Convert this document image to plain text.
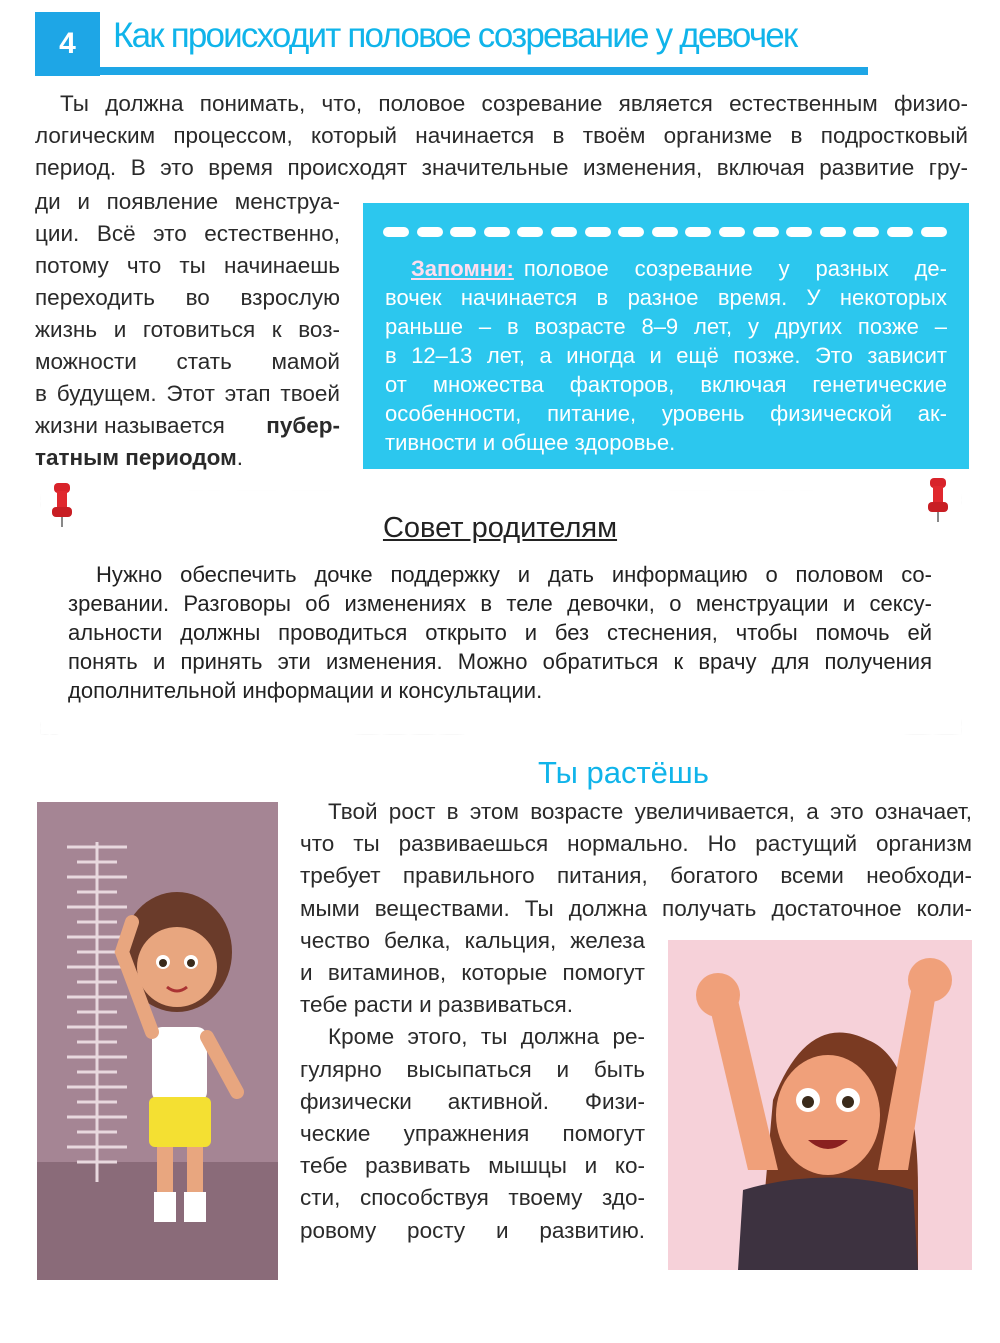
4	Как происходит половое созревание у девочек
Ты должна понимать, что, половое созревание является естественным физио-
логическим процессом, который начинается в твоём организме в подростковый
период. В это время происходят значительные изменения, включая развитие гру-
ди и появление менструа-
ции. Всё это естественно,
потому что ты начинаешь
переходить во взрослую
жизнь и готовиться к воз-
можности стать мамой
в будущем. Этот этап твоей
жизни называется пубер-
татным периодом.
Запомни: половое созревание у разных де-
вочек начинается в разное время. У некоторых
раньше – в возрасте 8–9 лет, у других позже –
в 12–13 лет, а иногда и ещё позже. Это зависит
от множества факторов, включая генетические
особенности, питание, уровень физической ак-
тивности и общее здоровье.
Совет родителям
Нужно обеспечить дочке поддержку и дать информацию о половом со-
зревании. Разговоры об изменениях в теле девочки, о менструации и сексу-
альности должны проводиться открыто и без стеснения, чтобы помочь ей
понять и принять эти изменения. Можно обратиться к врачу для получения
дополнительной информации и консультации.
Ты растёшь
Твой рост в этом возрасте увеличивается, а это означает,
что ты развиваешься нормально. Но растущий организм
требует правильного питания, богатого всеми необходи-
мыми веществами. Ты должна получать достаточное коли-
чество белка, кальция, железа
и витаминов, которые помогут
тебе расти и развиваться.
Кроме этого, ты должна ре-
гулярно высыпаться и быть
физически активной. Физи-
ческие упражнения помогут
тебе развивать мышцы и ко-
сти, способствуя твоему здо-
ровому росту и развитию.
